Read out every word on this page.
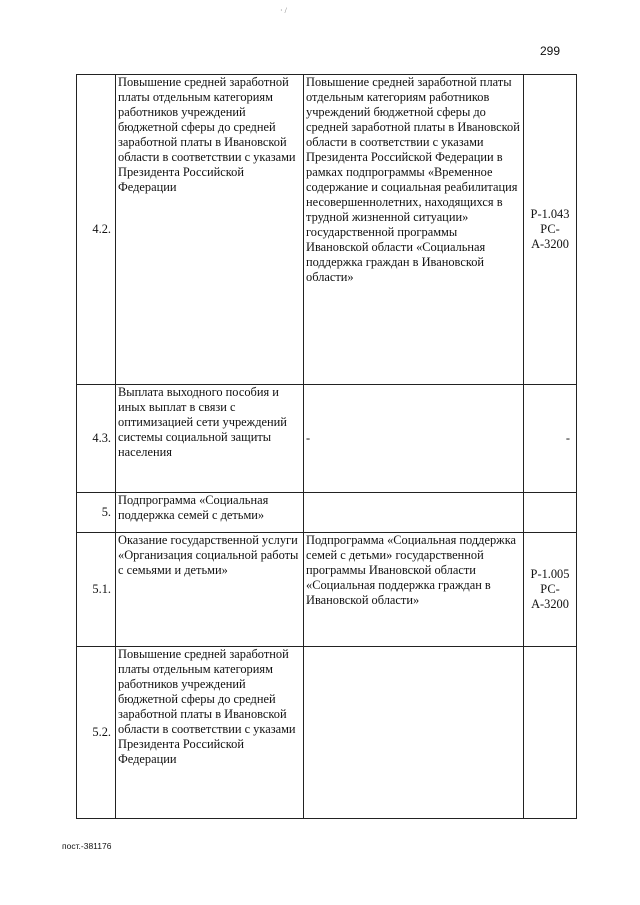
· /
299
4.2.	Повышение средней заработной платы отдельным категориям работников учреждений бюджетной сферы до средней заработной платы в Ивановской области в соответствии с указами Президента Российской Федерации	Повышение средней заработной платы отдельным категориям работников учреждений бюджетной сферы до средней заработной платы в Ивановской области в соответствии с указами Президента Российской Федерации в рамках подпрограммы «Временное содержание и социальная реабилитация несовершеннолетних, находящихся в трудной жизненной ситуации» государственной программы Ивановской области «Социальная поддержка граждан в Ивановской области»	Р-1.043 РС-А-3200
4.3.	Выплата выходного пособия и иных выплат в связи с оптимизацией сети учреждений системы социальной защиты населения	-	-
5.	Подпрограмма «Социальная поддержка семей с детьми»		
5.1.	Оказание государственной услуги «Организация социальной работы с семьями и детьми»	Подпрограмма «Социальная поддержка семей с детьми» государственной программы Ивановской области «Социальная поддержка граждан в Ивановской области»	Р-1.005 РС-А-3200
5.2.	Повышение средней заработной платы отдельным категориям работников учреждений бюджетной сферы до средней заработной платы в Ивановской области в соответствии с указами Президента Российской Федерации		
пост.-381176
